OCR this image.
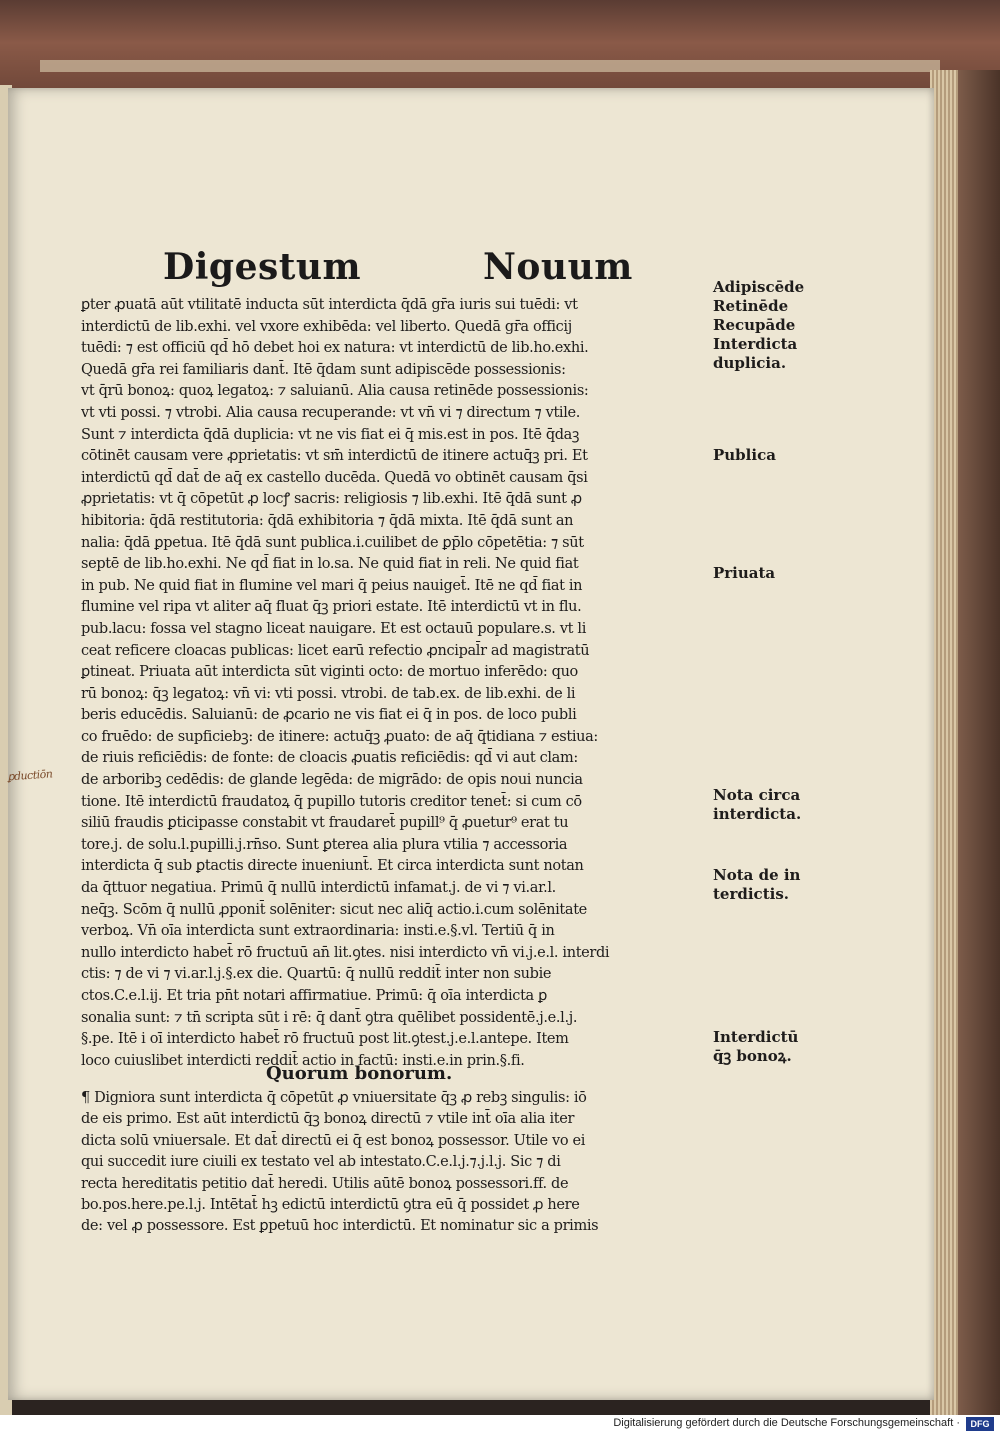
Digestum	Nouum
ꝑductiōn
ꝑter ꝓuatā aūt vtilitatē inducta sūt interdicta q̄dā gr̄a iuris sui tuēdi: vt
interdictū de lib.exhi. vel vxore exhibēda: vel liberto. Quedā gr̄a officij
tuēdi: ⁊ est officiū qd̄ hō debet hoi ex natura: vt interdictū de lib.ho.exhi.
Quedā gr̄a rei familiaris dant̄. Itē q̄dam sunt adipiscēde possessionis:
vt q̄rū bonoꝝ: quoꝝ legatoꝝ: ⁊ saluianū. Alia causa retinēde possessionis:
vt vti possi. ⁊ vtrobi. Alia causa recuperande: vt vn̄ vi ⁊ directum ⁊ vtile.
Sunt ⁊ interdicta q̄dā duplicia: vt ne vis fiat ei q̄ mis.est in pos. Itē q̄daꝫ
cōtinēt causam vere ꝓprietatis: vt sm̄ interdictū de itinere actuq̄ꝫ pri. Et
interdictū qd̄ dat̄ de aq̄ ex castello ducēda. Quedā vo obtinēt causam q̄si
ꝓprietatis: vt q̄ cōpetūt ꝓ locꝭ sacris: religiosis ⁊ lib.exhi. Itē q̄dā sunt ꝓ
hibitoria: q̄dā restitutoria: q̄dā exhibitoria ⁊ q̄dā mixta. Itē q̄dā sunt an
nalia: q̄dā ꝑpetua. Itē q̄dā sunt publica.i.cuilibet de ꝑp̄lo cōpetētia: ⁊ sūt
septē de lib.ho.exhi. Ne qd̄ fiat in lo.sa. Ne quid fiat in reli. Ne quid fiat
in pub. Ne quid fiat in flumine vel mari q̄ peius nauiget̄. Itē ne qd̄ fiat in
flumine vel ripa vt aliter aq̄ fluat q̄ꝫ priori estate. Itē interdictū vt in flu.
pub.lacu: fossa vel stagno liceat nauigare. Et est octauū populare.s. vt li
ceat reficere cloacas publicas: licet earū refectio ꝓncipal̄r ad magistratū
ꝑtineat. Priuata aūt interdicta sūt viginti octo: de mortuo inferēdo: quo
rū bonoꝝ: q̄ꝫ legatoꝝ: vn̄ vi: vti possi. vtrobi. de tab.ex. de lib.exhi. de li
beris educēdis. Saluianū: de ꝓcario ne vis fiat ei q̄ in pos. de loco publi
co fruēdo: de supficiebꝫ: de itinere: actuq̄ꝫ ꝓuato: de aq̄ q̄tidiana ⁊ estiua:
de riuis reficiēdis: de fonte: de cloacis ꝓuatis reficiēdis: qd̄ vi aut clam:
de arboribꝫ cedēdis: de glande legēda: de migrādo: de opis noui nuncia
tione. Itē interdictū fraudatoꝝ q̄ pupillo tutoris creditor tenet̄: si cum cō
siliū fraudis ꝑticipasse constabit vt fraudaret̄ pupill⁹ q̄ ꝓuetur⁹ erat tu
tore.j. de solu.l.pupilli.j.rn̄so. Sunt ꝑterea alia plura vtilia ⁊ accessoria
interdicta q̄ sub ꝑtactis directe inueniunt̄. Et circa interdicta sunt notan
da q̄ttuor negatiua. Primū q̄ nullū interdictū infamat.j. de vi ⁊ vi.ar.l.
neq̄ꝫ. Scōm q̄ nullū ꝓponit̄ solēniter: sicut nec aliq̄ actio.i.cum solēnitate
verboꝝ. Vn̄ oīa interdicta sunt extraordinaria: insti.e.§.vl. Tertiū q̄ in
nullo interdicto habet̄ rō fructuū an̄ lit.ꝯtes. nisi interdicto vn̄ vi.j.e.l. interdi
ctis: ⁊ de vi ⁊ vi.ar.l.j.§.ex die. Quartū: q̄ nullū reddit̄ inter non subie
ctos.C.e.l.ij. Et tria pn̄t notari affirmatiue. Primū: q̄ oīa interdicta ꝑ
sonalia sunt: ⁊ tn̄ scripta sūt i rē: q̄ dant̄ ꝯtra quēlibet possidentē.j.e.l.j.
§.pe. Itē i oī interdicto habet̄ rō fructuū post lit.ꝯtest.j.e.l.antepe. Item
loco cuiuslibet interdicti reddit̄ actio in factū: insti.e.in prin.§.fi.
Quorum bonorum.
¶ Digniora sunt interdicta q̄ cōpetūt ꝓ vniuersitate q̄ꝫ ꝓ rebꝫ singulis: iō
de eis primo. Est aūt interdictū q̄ꝫ bonoꝝ directū ⁊ vtile int̄ oīa alia iter
dicta solū vniuersale. Et dat̄ directū ei q̄ est bonoꝝ possessor. Utile vo ei
qui succedit iure ciuili ex testato vel ab intestato.C.e.l.j.⁊.j.l.j. Sic ⁊ di
recta hereditatis petitio dat̄ heredi. Utilis aūtē bonoꝝ possessori.ff. de
bo.pos.here.pe.l.j. Intētat̄ hꝫ edictū interdictū ꝯtra eū q̄ possidet ꝓ here
de: vel ꝓ possessore. Est ꝑpetuū hoc interdictū. Et nominatur sic a primis
Adipiscēde
Retinēde
Recupāde
Interdicta
duplicia.
Publica
Priuata
Nota circa
interdicta.
Nota de in
terdictis.
Interdictū
q̄ꝫ bonoꝝ.
Digitalisierung gefördert durch die Deutsche Forschungsgemeinschaft ·	DFG
